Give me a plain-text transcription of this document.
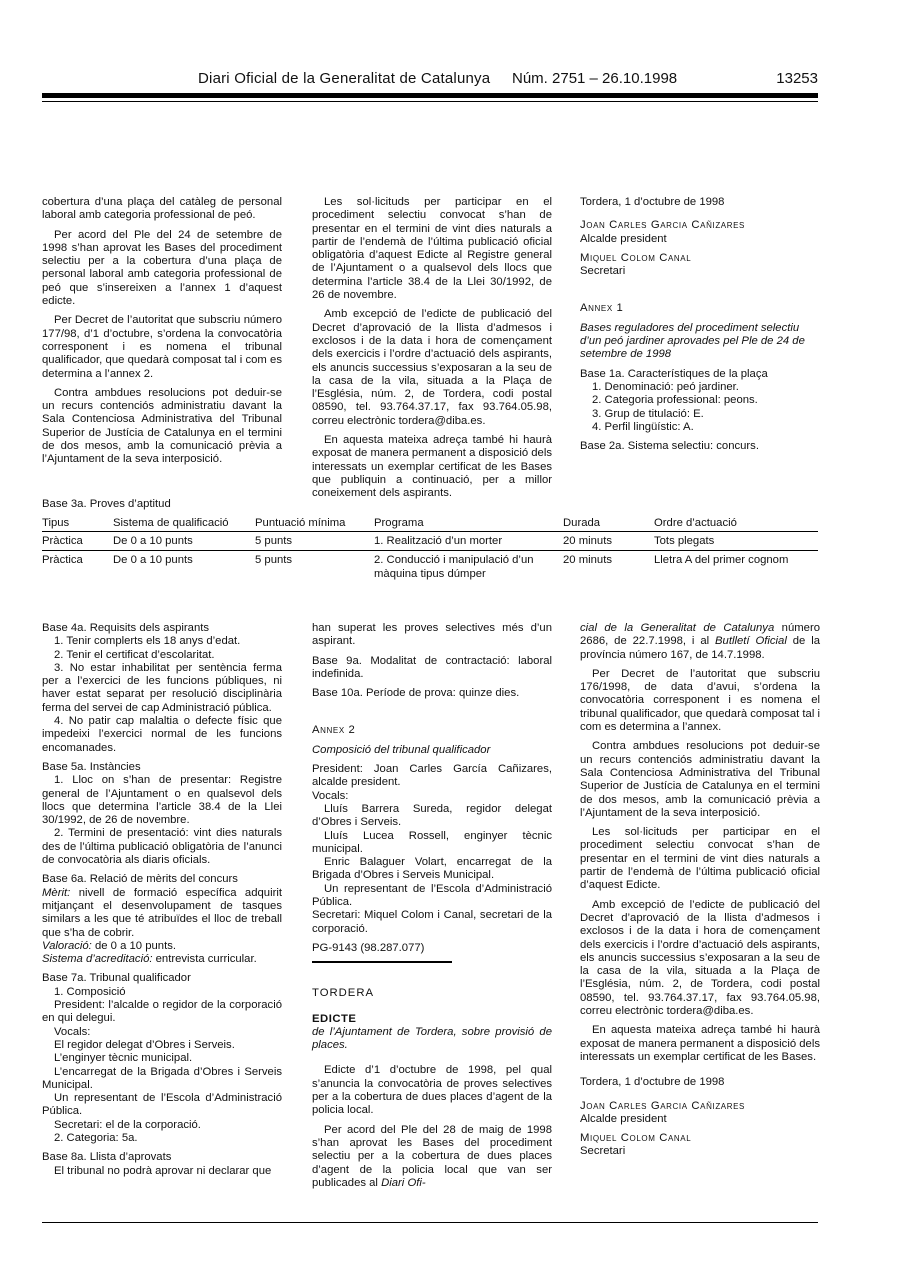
Diari Oficial de la Generalitat de Catalunya Núm. 2751 – 26.10.1998	13253

cobertura d’una plaça del catàleg de personal laboral amb categoria professional de peó.

Per acord del Ple del 24 de setembre de 1998 s’han aprovat les Bases del procediment selectiu per a la cobertura d’una plaça de personal laboral amb categoria professional de peó que s’insereixen a l’annex 1 d’aquest edicte.

Per Decret de l’autoritat que subscriu número 177/98, d’1 d’octubre, s’ordena la convocatòria corresponent i es nomena el tribunal qualificador, que quedarà composat tal i com es determina a l’annex 2.

Contra ambdues resolucions pot deduir-se un recurs contenciós administratiu davant la Sala Contenciosa Administrativa del Tribunal Superior de Justícia de Catalunya en el termini de dos mesos, amb la comunicació prèvia a l’Ajuntament de la seva interposició.

Les sol·licituds per participar en el procediment selectiu convocat s’han de presentar en el termini de vint dies naturals a partir de l’endemà de l’última publicació oficial obligatòria d’aquest Edicte al Registre general de l’Ajuntament o a qualsevol dels llocs que determina l’article 38.4 de la Llei 30/1992, de 26 de novembre.

Amb excepció de l’edicte de publicació del Decret d’aprovació de la llista d’admesos i exclosos i de la data i hora de començament dels exercicis i l’ordre d’actuació dels aspirants, els anuncis successius s’exposaran a la seu de la casa de la vila, situada a la Plaça de l’Església, núm. 2, de Tordera, codi postal 08590, tel. 93.764.37.17, fax 93.764.05.98, correu electrònic tordera@diba.es.

En aquesta mateixa adreça també hi haurà exposat de manera permanent a disposició dels interessats un exemplar certificat de les Bases que publiquin a continuació, per a millor coneixement dels aspirants.

Tordera, 1 d’octubre de 1998

Joan Carles Garcia Cañizares
Alcalde president

Miquel Colom Canal
Secretari

Annex 1

Bases reguladores del procediment selectiu d’un peó jardiner aprovades pel Ple de 24 de setembre de 1998

Base 1a. Característiques de la plaça
1. Denominació: peó jardiner.
2. Categoria professional: peons.
3. Grup de titulació: E.
4. Perfil lingüístic: A.

Base 2a. Sistema selectiu: concurs.

Base 3a. Proves d’aptitud
Tipus	Sistema de qualificació	Puntuació mínima	Programa	Durada	Ordre d’actuació
Pràctica	De 0 a 10 punts	5 punts	1. Realització d’un morter	20 minuts	Tots plegats
Pràctica	De 0 a 10 punts	5 punts	2. Conducció i manipulació d’un màquina tipus dúmper	20 minuts	Lletra A del primer cognom

Base 4a. Requisits dels aspirants
1. Tenir complerts els 18 anys d’edat.
2. Tenir el certificat d’escolaritat.
3. No estar inhabilitat per sentència ferma per a l’exercici de les funcions públiques, ni haver estat separat per resolució disciplinària ferma del servei de cap Administració pública.
4. No patir cap malaltia o defecte físic que impedeixi l’exercici normal de les funcions encomanades.

Base 5a. Instàncies
1. Lloc on s’han de presentar: Registre general de l’Ajuntament o en qualsevol dels llocs que determina l’article 38.4 de la Llei 30/1992, de 26 de novembre.
2. Termini de presentació: vint dies naturals des de l’última publicació obligatòria de l’anunci de convocatòria als diaris oficials.

Base 6a. Relació de mèrits del concurs
Mèrit: nivell de formació específica adquirit mitjançant el desenvolupament de tasques similars a les que té atribuïdes el lloc de treball que s’ha de cobrir.
Valoració: de 0 a 10 punts.
Sistema d’acreditació: entrevista curricular.

Base 7a. Tribunal qualificador
1. Composició
President: l’alcalde o regidor de la corporació en qui delegui.
Vocals:
El regidor delegat d’Obres i Serveis.
L’enginyer tècnic municipal.
L’encarregat de la Brigada d’Obres i Serveis Municipal.
Un representant de l’Escola d’Administració Pública.
Secretari: el de la corporació.
2. Categoria: 5a.

Base 8a. Llista d’aprovats
El tribunal no podrà aprovar ni declarar que

han superat les proves selectives més d’un aspirant.

Base 9a. Modalitat de contractació: laboral indefinida.

Base 10a. Període de prova: quinze dies.

Annex 2

Composició del tribunal qualificador

President: Joan Carles García Cañizares, alcalde president.
Vocals:
Lluís Barrera Sureda, regidor delegat d’Obres i Serveis.
Lluís Lucea Rossell, enginyer tècnic municipal.
Enric Balaguer Volart, encarregat de la Brigada d’Obres i Serveis Municipal.
Un representant de l’Escola d’Administració Pública.
Secretari: Miquel Colom i Canal, secretari de la corporació.

PG-9143 (98.287.077)

TORDERA

EDICTE
de l’Ajuntament de Tordera, sobre provisió de places.

Edicte d’1 d’octubre de 1998, pel qual s’anuncia la convocatòria de proves selectives per a la cobertura de dues places d’agent de la policia local.

Per acord del Ple del 28 de maig de 1998 s’han aprovat les Bases del procediment selectiu per a la cobertura de dues places d’agent de la policia local que van ser publicades al Diari Ofi-

cial de la Generalitat de Catalunya número 2686, de 22.7.1998, i al Butlletí Oficial de la província número 167, de 14.7.1998.

Per Decret de l’autoritat que subscriu 176/1998, de data d’avui, s’ordena la convocatòria corresponent i es nomena el tribunal qualificador, que quedarà composat tal i com es determina a l’annex.

Contra ambdues resolucions pot deduir-se un recurs contenciós administratiu davant la Sala Contenciosa Administrativa del Tribunal Superior de Justícia de Catalunya en el termini de dos mesos, amb la comunicació prèvia a l’Ajuntament de la seva interposició.

Les sol·licituds per participar en el procediment selectiu convocat s’han de presentar en el termini de vint dies naturals a partir de l’endemà de l’última publicació oficial d’aquest Edicte.

Amb excepció de l’edicte de publicació del Decret d’aprovació de la llista d’admesos i exclosos i de la data i hora de començament dels exercicis i l’ordre d’actuació dels aspirants, els anuncis successius s’exposaran a la seu de la casa de la vila, situada a la Plaça de l’Església, núm. 2, de Tordera, codi postal 08590, tel. 93.764.37.17, fax 93.764.05.98, correu electrònic tordera@diba.es.

En aquesta mateixa adreça també hi haurà exposat de manera permanent a disposició dels interessats un exemplar certificat de les Bases.

Tordera, 1 d’octubre de 1998

Joan Carles Garcia Cañizares
Alcalde president

Miquel Colom Canal
Secretari
